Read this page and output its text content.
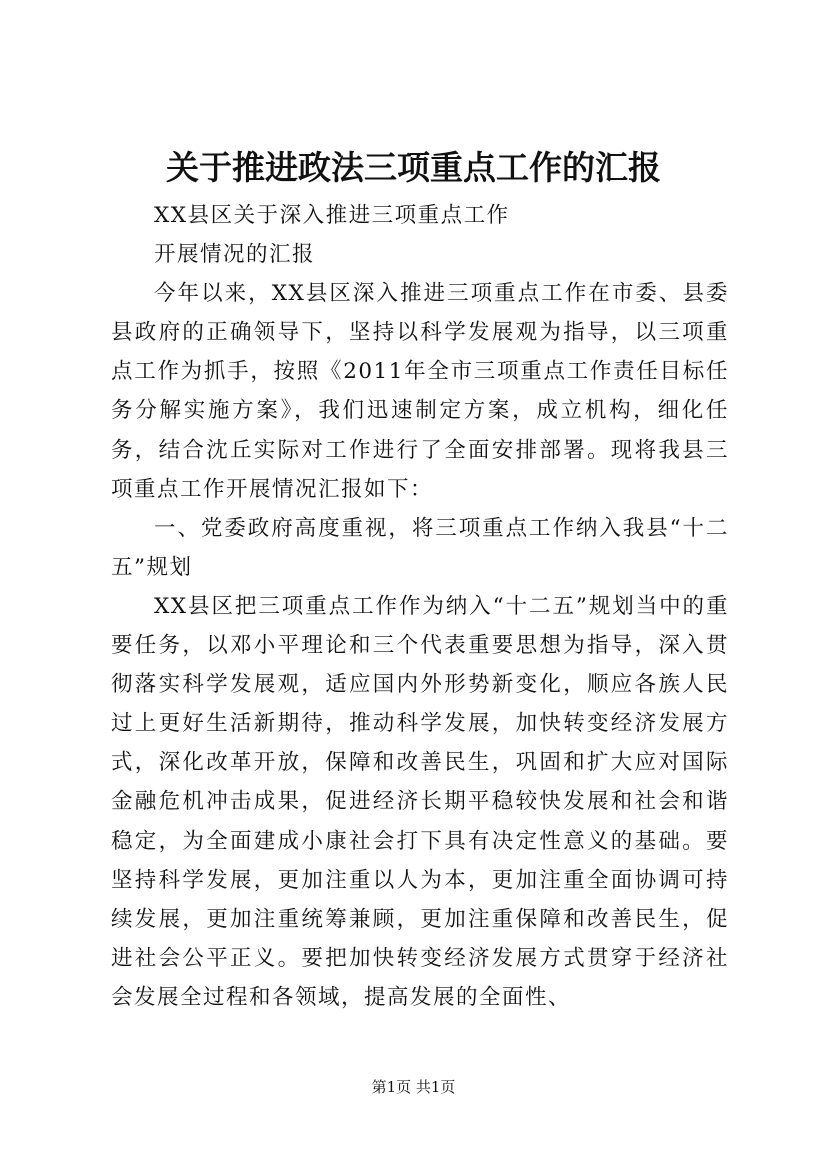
关于推进政法三项重点工作的汇报

XX县区关于深入推进三项重点工作

开展情况的汇报

今年以来，XX县区深入推进三项重点工作在市委、县委县政府的正确领导下，坚持以科学发展观为指导，以三项重点工作为抓手，按照《2011年全市三项重点工作责任目标任务分解实施方案》，我们迅速制定方案，成立机构，细化任务，结合沈丘实际对工作进行了全面安排部署。现将我县三项重点工作开展情况汇报如下：

一、党委政府高度重视，将三项重点工作纳入我县“十二五”规划

XX县区把三项重点工作作为纳入“十二五”规划当中的重要任务，以邓小平理论和三个代表重要思想为指导，深入贯彻落实科学发展观，适应国内外形势新变化，顺应各族人民过上更好生活新期待，推动科学发展，加快转变经济发展方式，深化改革开放，保障和改善民生，巩固和扩大应对国际金融危机冲击成果，促进经济长期平稳较快发展和社会和谐稳定，为全面建成小康社会打下具有决定性意义的基础。要坚持科学发展，更加注重以人为本，更加注重全面协调可持续发展，更加注重统筹兼顾，更加注重保障和改善民生，促进社会公平正义。要把加快转变经济发展方式贯穿于经济社会发展全过程和各领域，提高发展的全面性、

第1页 共1页
